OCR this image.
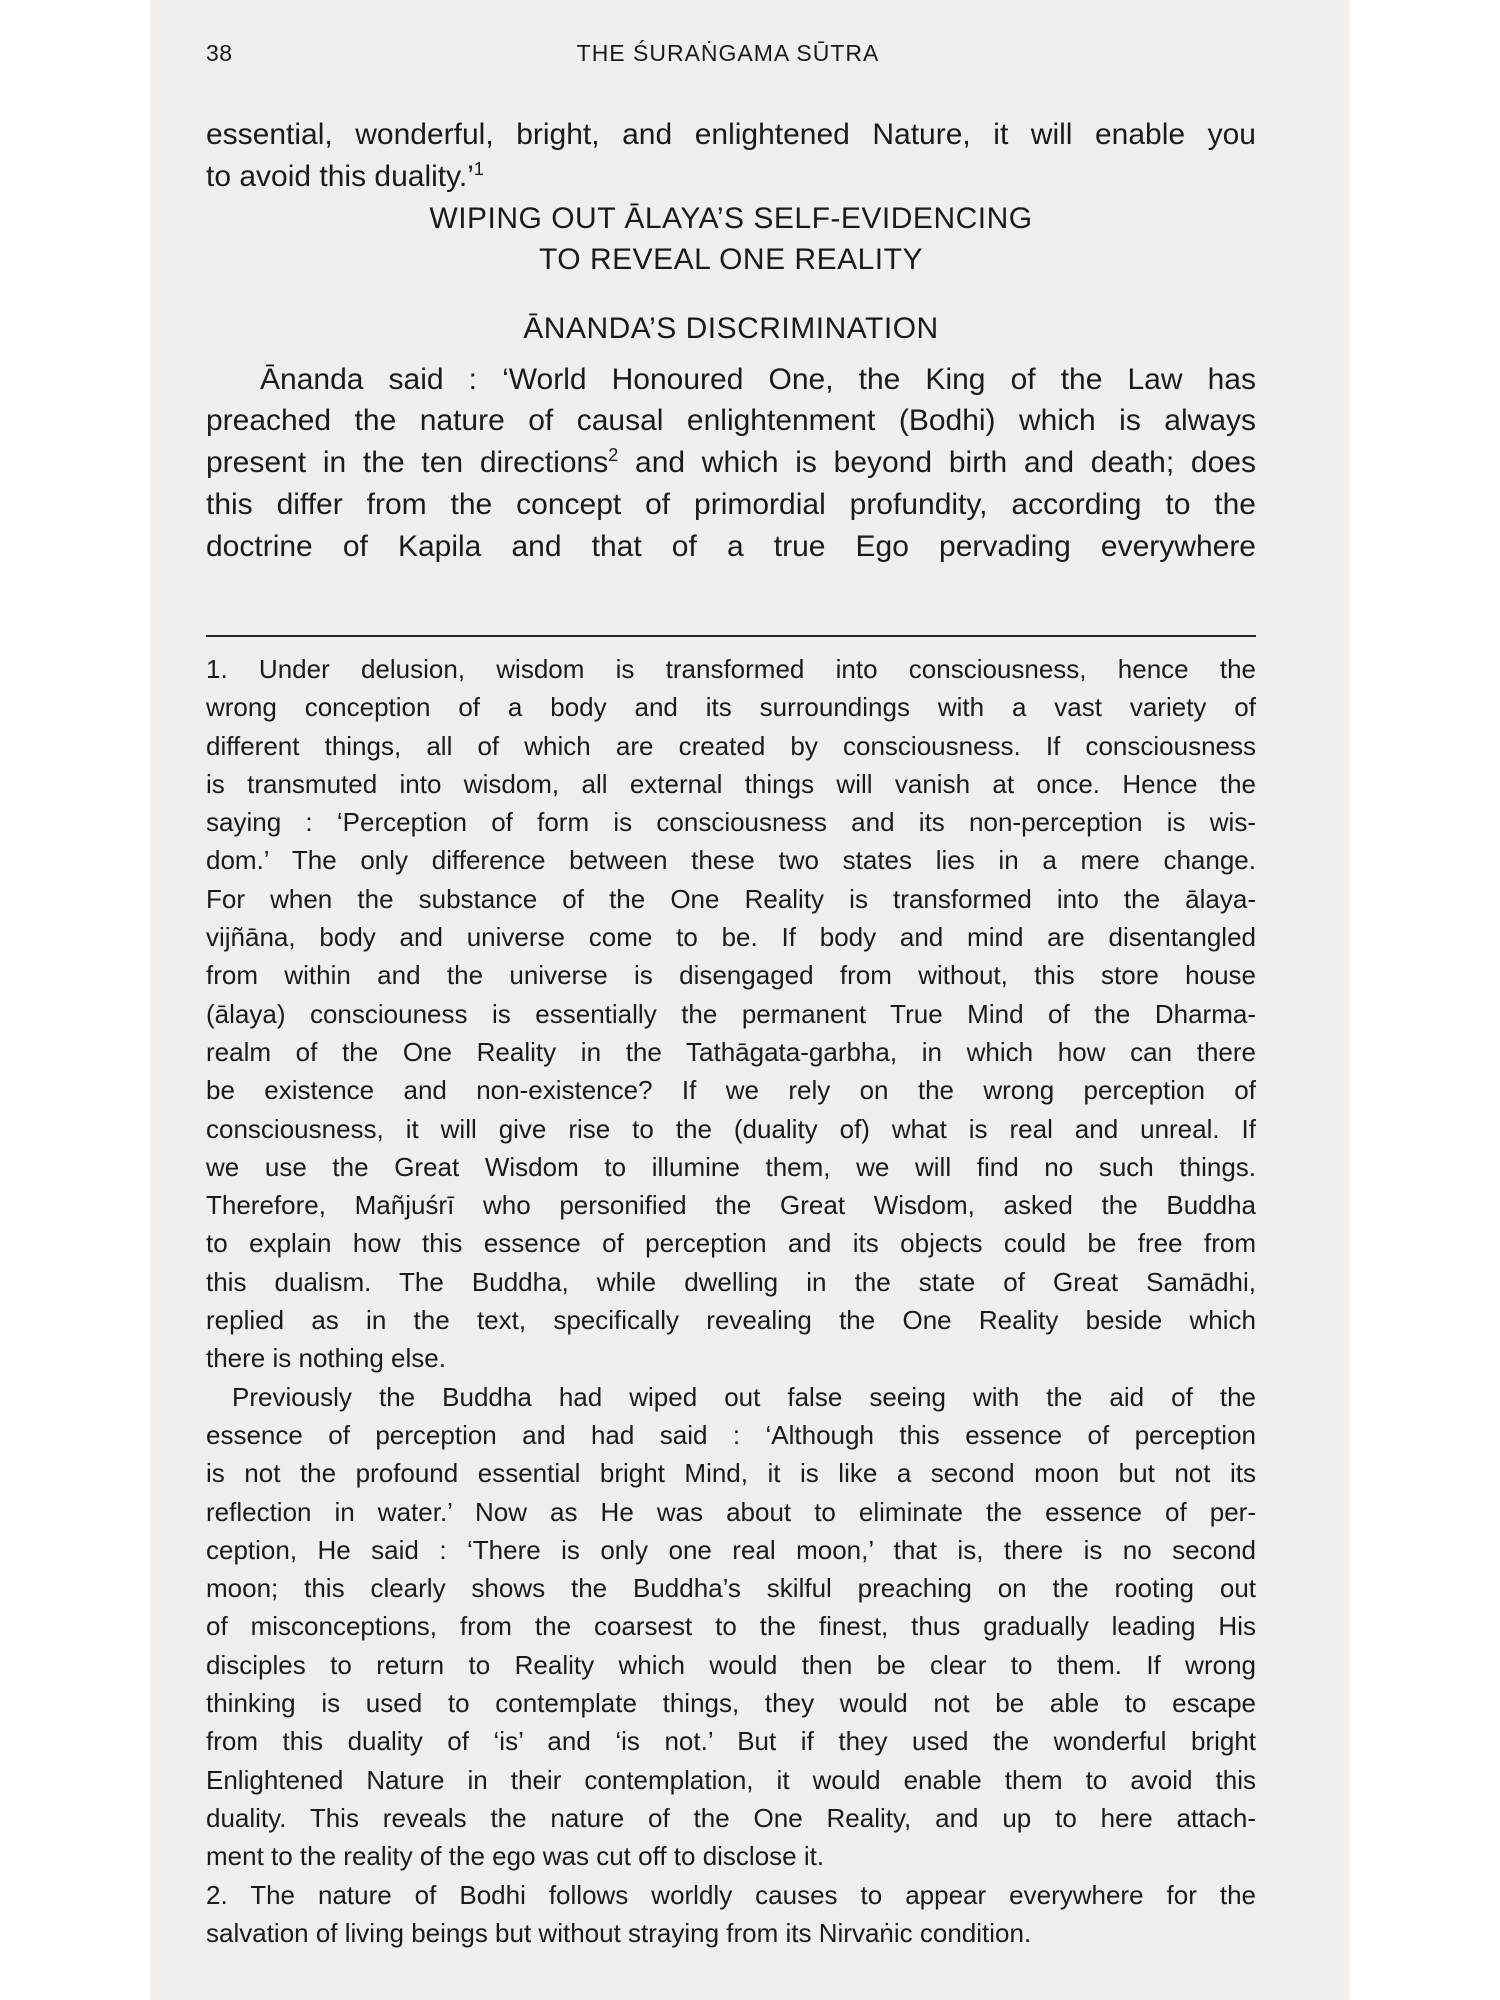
38	THE ŚURAṄGAMA SŪTRA

essential, wonderful, bright, and enlightened Nature, it will enable you
to avoid this duality.’$^1$

WIPING OUT ĀLAYA’S SELF-EVIDENCING
TO REVEAL ONE REALITY
ĀNANDA’S DISCRIMINATION

Ānanda said : ‘World Honoured One, the King of the Law has
preached the nature of causal enlightenment (Bodhi) which is always
present in the ten directions$^2$ and which is beyond birth and death; does
this differ from the concept of primordial profundity, according to the
doctrine of Kapila and that of a true Ego pervading everywhere

1. Under delusion, wisdom is transformed into consciousness, hence the
wrong conception of a body and its surroundings with a vast variety of
different things, all of which are created by consciousness. If consciousness
is transmuted into wisdom, all external things will vanish at once. Hence the
saying : ‘Perception of form is consciousness and its non-perception is wis-
dom.’ The only difference between these two states lies in a mere change.
For when the substance of the One Reality is transformed into the ālaya-
vijñāna, body and universe come to be. If body and mind are disentangled
from within and the universe is disengaged from without, this store house
(ālaya) consciouness is essentially the permanent True Mind of the Dharma-
realm of the One Reality in the Tathāgata-garbha, in which how can there
be existence and non-existence? If we rely on the wrong perception of
consciousness, it will give rise to the (duality of) what is real and unreal. If
we use the Great Wisdom to illumine them, we will find no such things.
Therefore, Mañjuśrī who personified the Great Wisdom, asked the Buddha
to explain how this essence of perception and its objects could be free from
this dualism. The Buddha, while dwelling in the state of Great Samādhi,
replied as in the text, specifically revealing the One Reality beside which
there is nothing else.
Previously the Buddha had wiped out false seeing with the aid of the
essence of perception and had said : ‘Although this essence of perception
is not the profound essential bright Mind, it is like a second moon but not its
reflection in water.’ Now as He was about to eliminate the essence of per-
ception, He said : ‘There is only one real moon,’ that is, there is no second
moon; this clearly shows the Buddha’s skilful preaching on the rooting out
of misconceptions, from the coarsest to the finest, thus gradually leading His
disciples to return to Reality which would then be clear to them. If wrong
thinking is used to contemplate things, they would not be able to escape
from this duality of ‘is’ and ‘is not.’ But if they used the wonderful bright
Enlightened Nature in their contemplation, it would enable them to avoid this
duality. This reveals the nature of the One Reality, and up to here attach-
ment to the reality of the ego was cut off to disclose it.
2. The nature of Bodhi follows worldly causes to appear everywhere for the
salvation of living beings but without straying from its Nirvaṅic condition.
